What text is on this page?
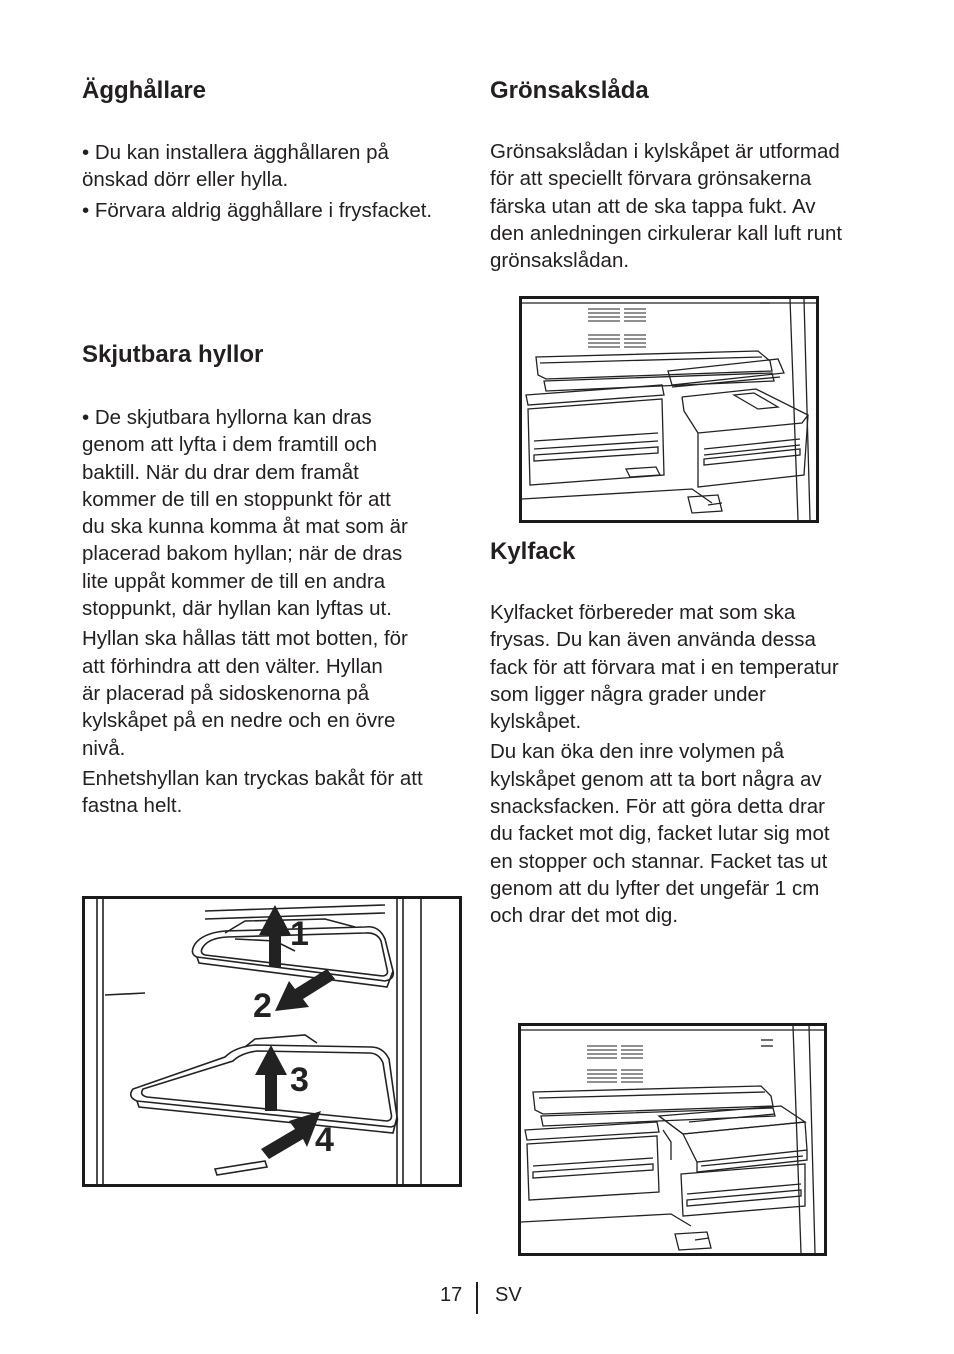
Ägghållare
• Du kan installera ägghållaren på
önskad dörr eller hylla.
• Förvara aldrig ägghållare i frysfacket.
Skjutbara hyllor

• De skjutbara hyllorna kan dras
genom att lyfta i dem framtill och
baktill. När du drar dem framåt
kommer de till en stoppunkt för att
du ska kunna komma åt mat som är
placerad bakom hyllan; när de dras
lite uppåt kommer de till en andra
stoppunkt, där hyllan kan lyftas ut.

Hyllan ska hållas tätt mot botten, för
att förhindra att den välter. Hyllan
är placerad på sidoskenorna på
kylskåpet på en nedre och en övre
nivå.

Enhetshyllan kan tryckas bakåt för att
fastna helt.

1
2
3
4
Grönsakslåda
Grönsakslådan i kylskåpet är utformad
för att speciellt förvara grönsakerna
färska utan att de ska tappa fukt. Av
den anledningen cirkulerar kall luft runt
grönsakslådan.
Kylfack

Kylfacket förbereder mat som ska
frysas. Du kan även använda dessa
fack för att förvara mat i en temperatur
som ligger några grader under
kylskåpet.

Du kan öka den inre volymen på
kylskåpet genom att ta bort några av
snacksfacken. För att göra detta drar
du facket mot dig, facket lutar sig mot
en stopper och stannar. Facket tas ut
genom att du lyfter det ungefär 1 cm
och drar det mot dig.

17 SV
